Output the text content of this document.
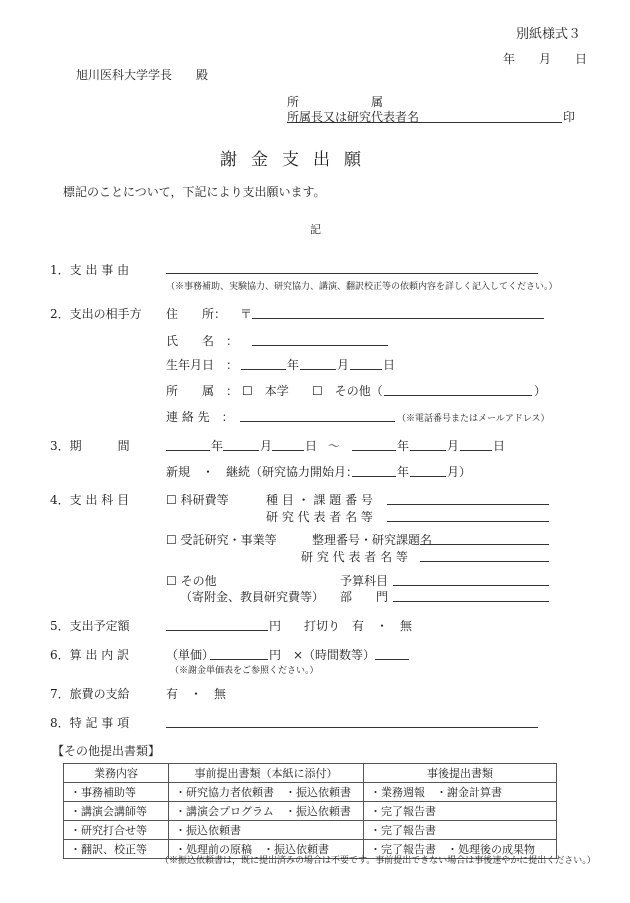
別紙様式３
年　　月　　日
旭川医科大学学長　　殿
所　　　　　　属
所属長又は研究代表者名	印
謝金支出願
標記のことについて，下記により支出願います。
記
1．支 出 事 由
（※事務補助、実験協力、研究協力、講演、翻訳校正等の依頼内容を詳しく記入してください。）
2．支出の相手方 住　　所： 〒
氏　　名　：
生年月日　：	年	月	日
所　　属　： ☐　本学 ☐　その他（	）
連 絡 先　：	（※電話番号またはメールアドレス）
3．期　　　間	年	月	日 ～	年	月	日
新規　・　継続（研究協力開始月：	年	月）
4．支 出 科 目	☐ 科研費等	種 目 ・ 課 題 番 号
研 究 代 表 者 名 等
☐ 受託研究・事業等	整理番号・研究課題名
研 究 代 表 者 名 等
☐ その他
（寄附金、教員研究費等）
予算科目
部　　門
5．支出予定額	円 打切り　有　・　無
6．算 出 内 訳	（単価）	円　×（時間数等）
（※謝金単価表をご参照ください。）
7．旅費の支給	有　・　無
8．特 記 事 項
【その他提出書類】
業務内容	事前提出書類（本紙に添付）	事後提出書類
・事務補助等	・研究協力者依頼書　・振込依頼書	・業務週報　・謝金計算書
・講演会講師等	・講演会プログラム　・振込依頼書	・完了報告書
・研究打合せ等	・振込依頼書	・完了報告書
・翻訳、校正等	・処理前の原稿　・振込依頼書	・完了報告書　・処理後の成果物
（※振込依頼書は，既に提出済みの場合は不要です。事前提出できない場合は事後速やかに提出ください。）
